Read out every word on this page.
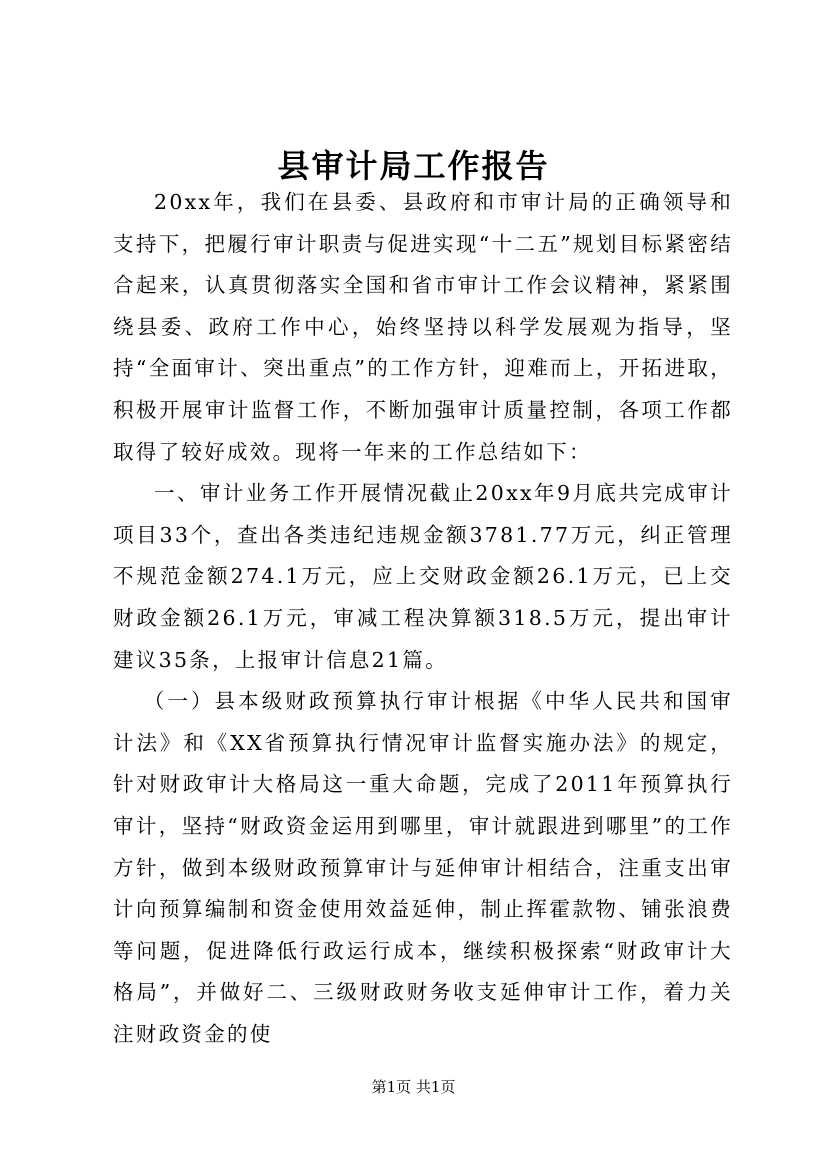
县审计局工作报告

20xx年，我们在县委、县政府和市审计局的正确领导和支持下，把履行审计职责与促进实现“十二五”规划目标紧密结合起来，认真贯彻落实全国和省市审计工作会议精神，紧紧围绕县委、政府工作中心，始终坚持以科学发展观为指导，坚持“全面审计、突出重点”的工作方针，迎难而上，开拓进取，积极开展审计监督工作，不断加强审计质量控制，各项工作都取得了较好成效。现将一年来的工作总结如下：

一、审计业务工作开展情况截止20xx年9月底共完成审计项目33个，查出各类违纪违规金额3781.77万元，纠正管理不规范金额274.1万元，应上交财政金额26.1万元，已上交财政金额26.1万元，审减工程决算额318.5万元，提出审计建议35条，上报审计信息21篇。

（一）县本级财政预算执行审计根据《中华人民共和国审计法》和《XX省预算执行情况审计监督实施办法》的规定，针对财政审计大格局这一重大命题，完成了2011年预算执行审计，坚持“财政资金运用到哪里，审计就跟进到哪里”的工作方针，做到本级财政预算审计与延伸审计相结合，注重支出审计向预算编制和资金使用效益延伸，制止挥霍款物、铺张浪费等问题，促进降低行政运行成本，继续积极探索“财政审计大格局”，并做好二、三级财政财务收支延伸审计工作，着力关注财政资金的使

第1页 共1页
